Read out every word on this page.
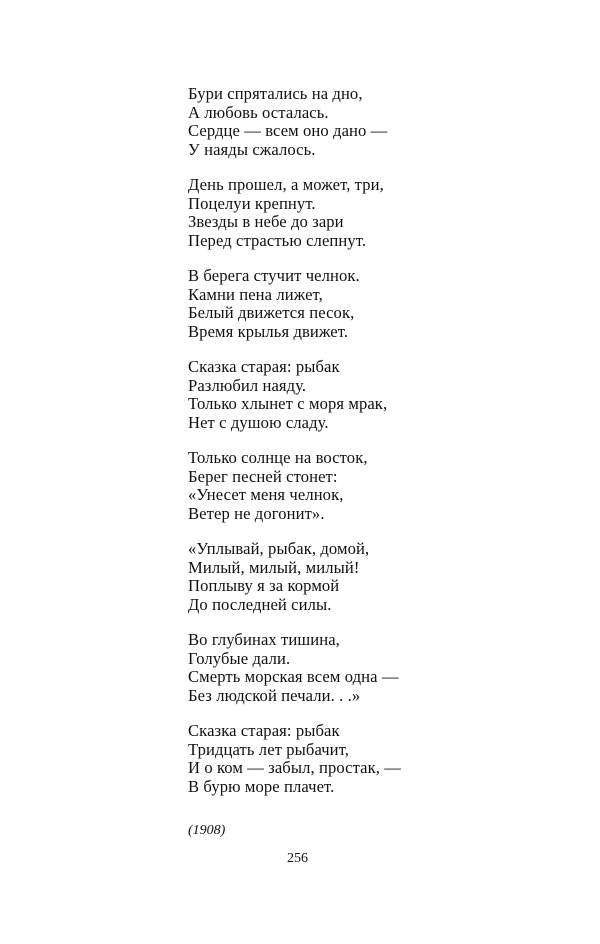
Бури спрятались на дно,
А любовь осталась.
Сердце — всем оно дано —
У наяды сжалось.
День прошел, а может, три,
Поцелуи крепнут.
Звезды в небе до зари
Перед страстью слепнут.
В берега стучит челнок.
Камни пена лижет,
Белый движется песок,
Время крылья движет.
Сказка старая: рыбак
Разлюбил наяду.
Только хлынет с моря мрак,
Нет с душою сладу.
Только солнце на восток,
Берег песней стонет:
«Унесет меня челнок,
Ветер не догонит».
«Уплывай, рыбак, домой,
Милый, милый, милый!
Поплыву я за кормой
До последней силы.
Во глубинах тишина,
Голубые дали.
Смерть морская всем одна —
Без людской печали. . .»
Сказка старая: рыбак
Тридцать лет рыбачит,
И о ком — забыл, простак, —
В бурю море плачет.
(1908)
256
